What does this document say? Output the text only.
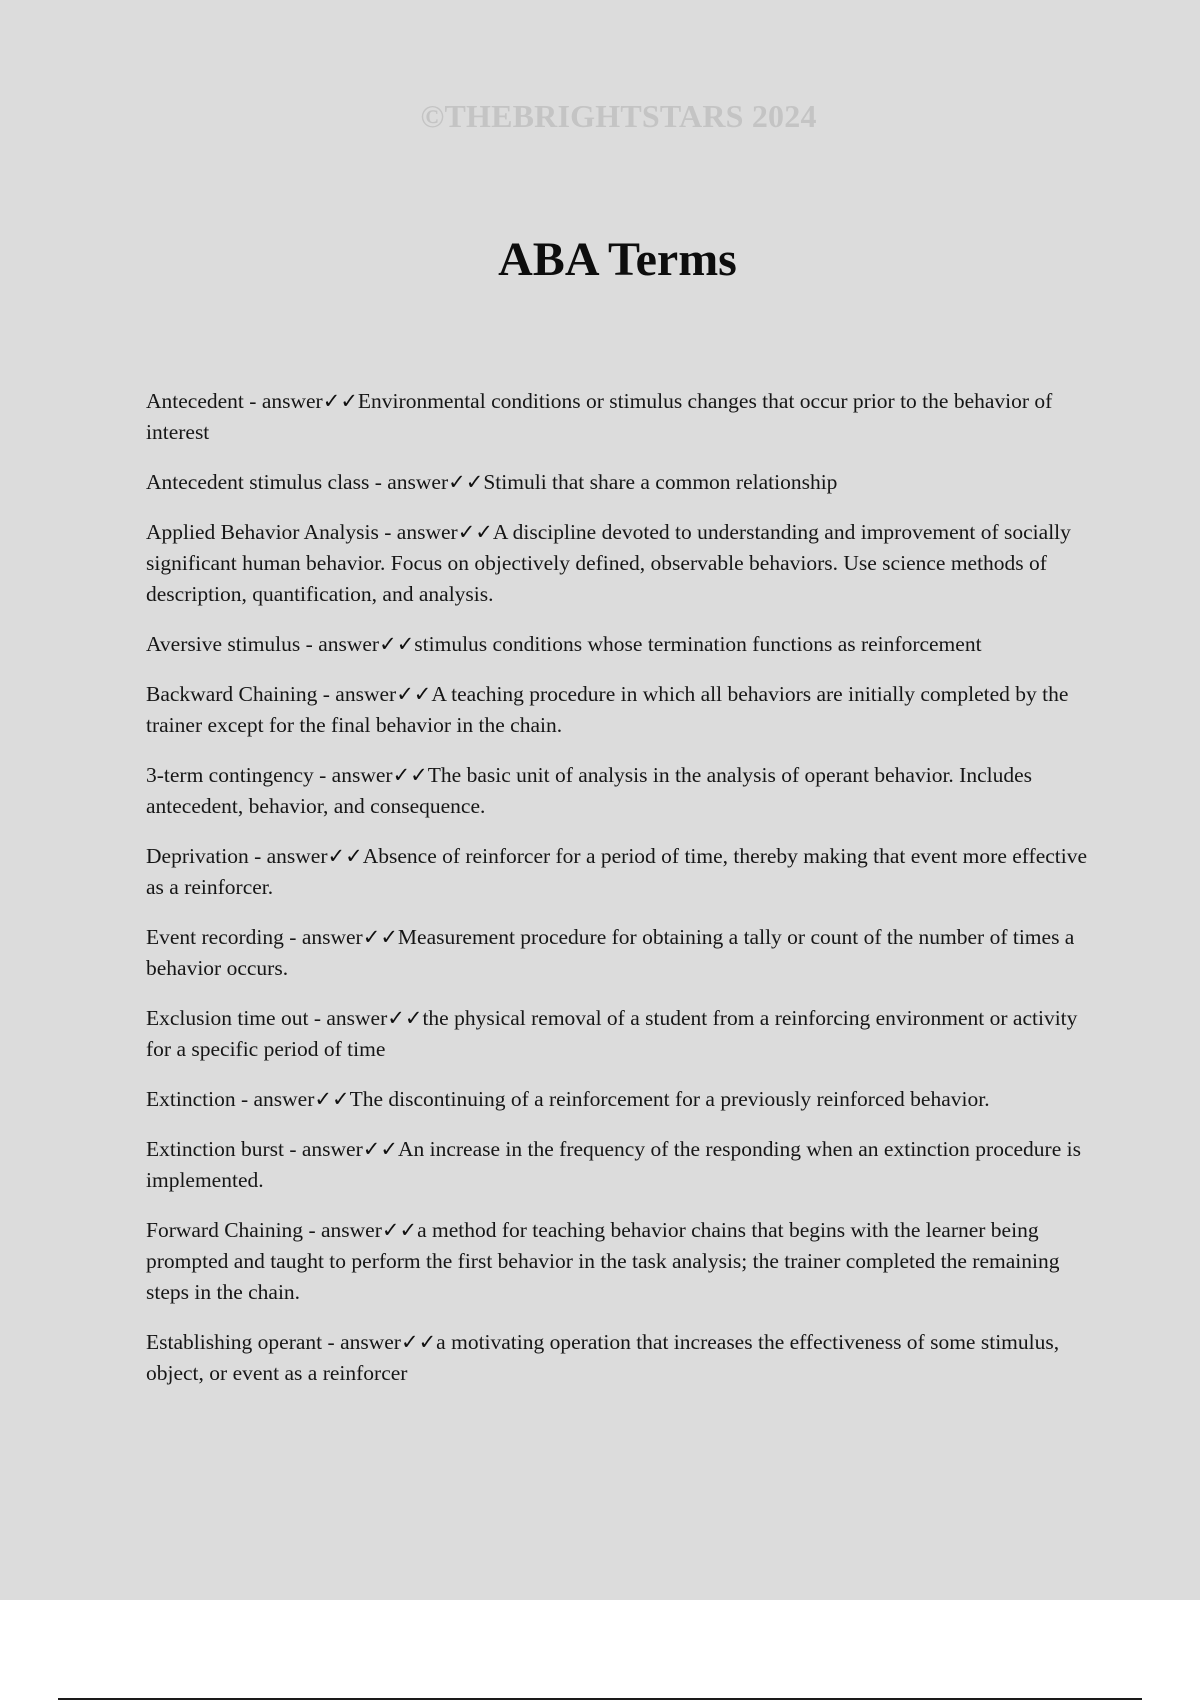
©THEBRIGHTSTARS 2024
ABA Terms
Antecedent - answer✓✓Environmental conditions or stimulus changes that occur prior to the behavior of interest
Antecedent stimulus class - answer✓✓Stimuli that share a common relationship
Applied Behavior Analysis - answer✓✓A discipline devoted to understanding and improvement of socially significant human behavior. Focus on objectively defined, observable behaviors. Use science methods of description, quantification, and analysis.
Aversive stimulus - answer✓✓stimulus conditions whose termination functions as reinforcement
Backward Chaining - answer✓✓A teaching procedure in which all behaviors are initially completed by the trainer except for the final behavior in the chain.
3-term contingency - answer✓✓The basic unit of analysis in the analysis of operant behavior. Includes antecedent, behavior, and consequence.
Deprivation - answer✓✓Absence of reinforcer for a period of time, thereby making that event more effective as a reinforcer.
Event recording - answer✓✓Measurement procedure for obtaining a tally or count of the number of times a behavior occurs.
Exclusion time out - answer✓✓the physical removal of a student from a reinforcing environment or activity for a specific period of time
Extinction - answer✓✓The discontinuing of a reinforcement for a previously reinforced behavior.
Extinction burst - answer✓✓An increase in the frequency of the responding when an extinction procedure is implemented.
Forward Chaining - answer✓✓a method for teaching behavior chains that begins with the learner being prompted and taught to perform the first behavior in the task analysis; the trainer completed the remaining steps in the chain.
Establishing operant - answer✓✓a motivating operation that increases the effectiveness of some stimulus, object, or event as a reinforcer
